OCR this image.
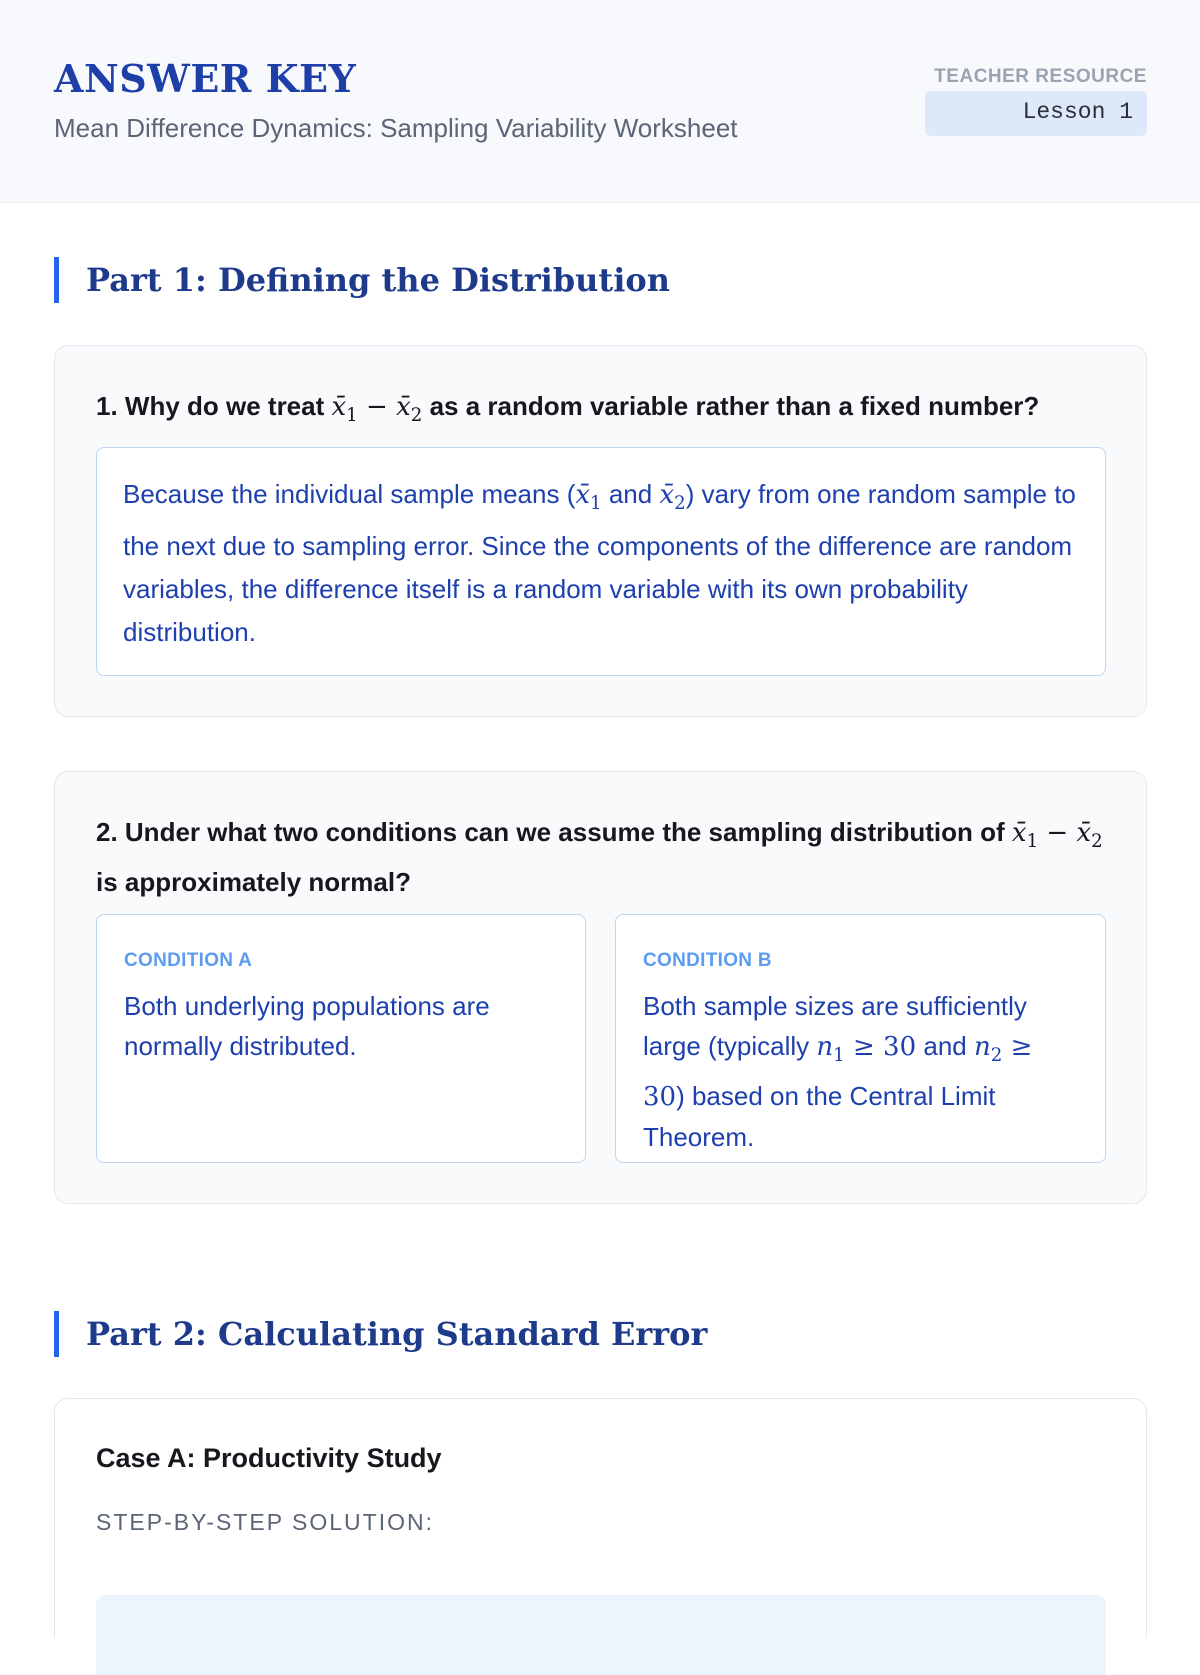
ANSWER KEY
Mean Difference Dynamics: Sampling Variability Worksheet
TEACHER RESOURCE
Lesson 1
Part 1: Defining the Distribution
1. Why do we treat $x̄_1$ − $x̄_2$ as a random variable rather than a fixed number?
Because the individual sample means ($x̄_1$ and $x̄_2$) vary from one random sample to the next due to sampling error. Since the components of the difference are random variables, the difference itself is a random variable with its own probability distribution.
2. Under what two conditions can we assume the sampling distribution of $x̄_1$ − $x̄_2$ is approximately normal?
CONDITION A
Both underlying populations are normally distributed.
CONDITION B
Both sample sizes are sufficiently large (typically $n_1 \ge 30$ and $n_2 \ge 30$) based on the Central Limit Theorem.
Part 2: Calculating Standard Error
Case A: Productivity Study
STEP-BY-STEP SOLUTION:
